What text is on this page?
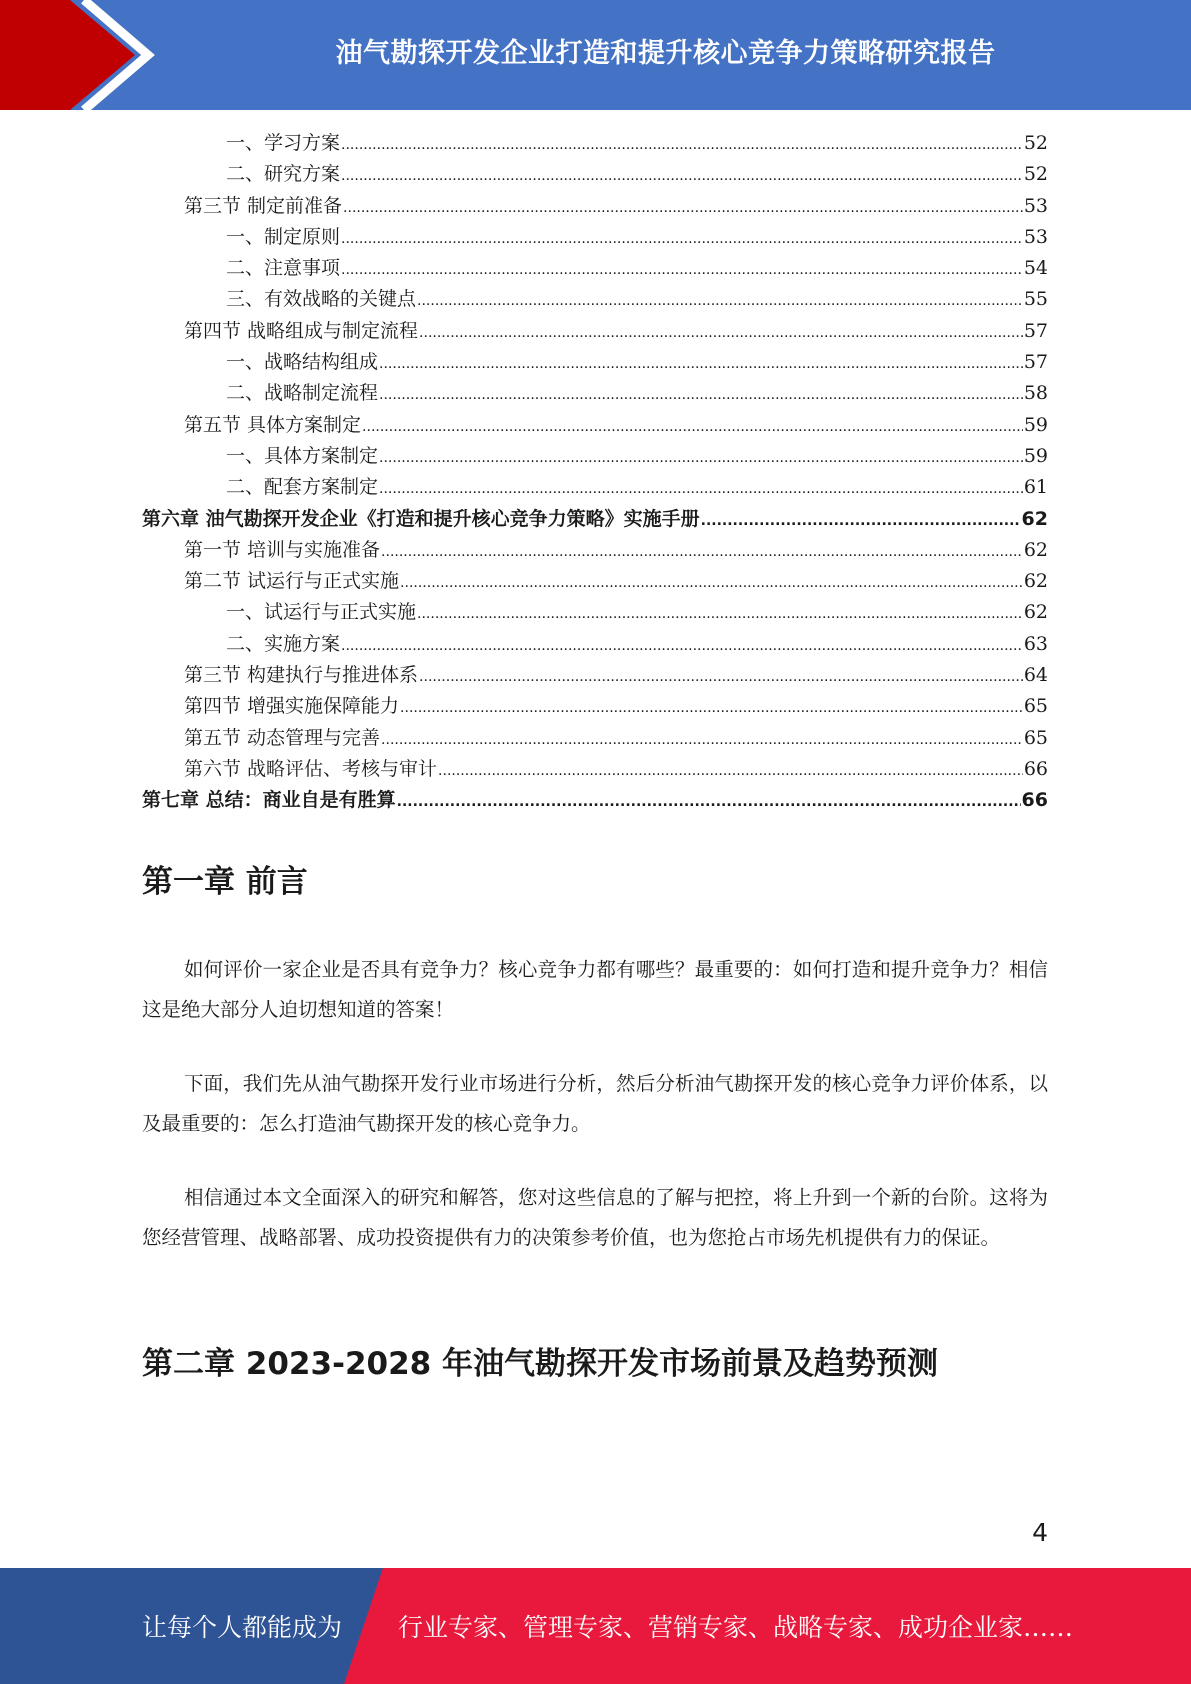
油气勘探开发企业打造和提升核心竞争力策略研究报告
一、学习方案 .....	52
二、研究方案 .....	52
第三节 制定前准备 .....	53
一、制定原则 .....	53
二、注意事项 .....	54
三、有效战略的关键点 .....	55
第四节 战略组成与制定流程 .....	57
一、战略结构组成 .....	57
二、战略制定流程 .....	58
第五节 具体方案制定 .....	59
一、具体方案制定 .....	59
二、配套方案制定 .....	61
第六章 油气勘探开发企业《打造和提升核心竞争力策略》实施手册 .....	62
第一节 培训与实施准备 .....	62
第二节 试运行与正式实施 .....	62
一、试运行与正式实施 .....	62
二、实施方案 .....	63
第三节 构建执行与推进体系 .....	64
第四节 增强实施保障能力 .....	65
第五节 动态管理与完善 .....	65
第六节 战略评估、考核与审计 .....	66
第七章 总结：商业自是有胜算 .....	66
第一章 前言

如何评价一家企业是否具有竞争力？核心竞争力都有哪些？最重要的：如何打造和提升竞争力？相信这是绝大部分人迫切想知道的答案！

下面，我们先从油气勘探开发行业市场进行分析，然后分析油气勘探开发的核心竞争力评价体系，以及最重要的：怎么打造油气勘探开发的核心竞争力。

相信通过本文全面深入的研究和解答，您对这些信息的了解与把控，将上升到一个新的台阶。这将为您经营管理、战略部署、成功投资提供有力的决策参考价值，也为您抢占市场先机提供有力的保证。

第二章 2023-2028 年油气勘探开发市场前景及趋势预测
4
让每个人都能成为 行业专家、管理专家、营销专家、战略专家、成功企业家……
